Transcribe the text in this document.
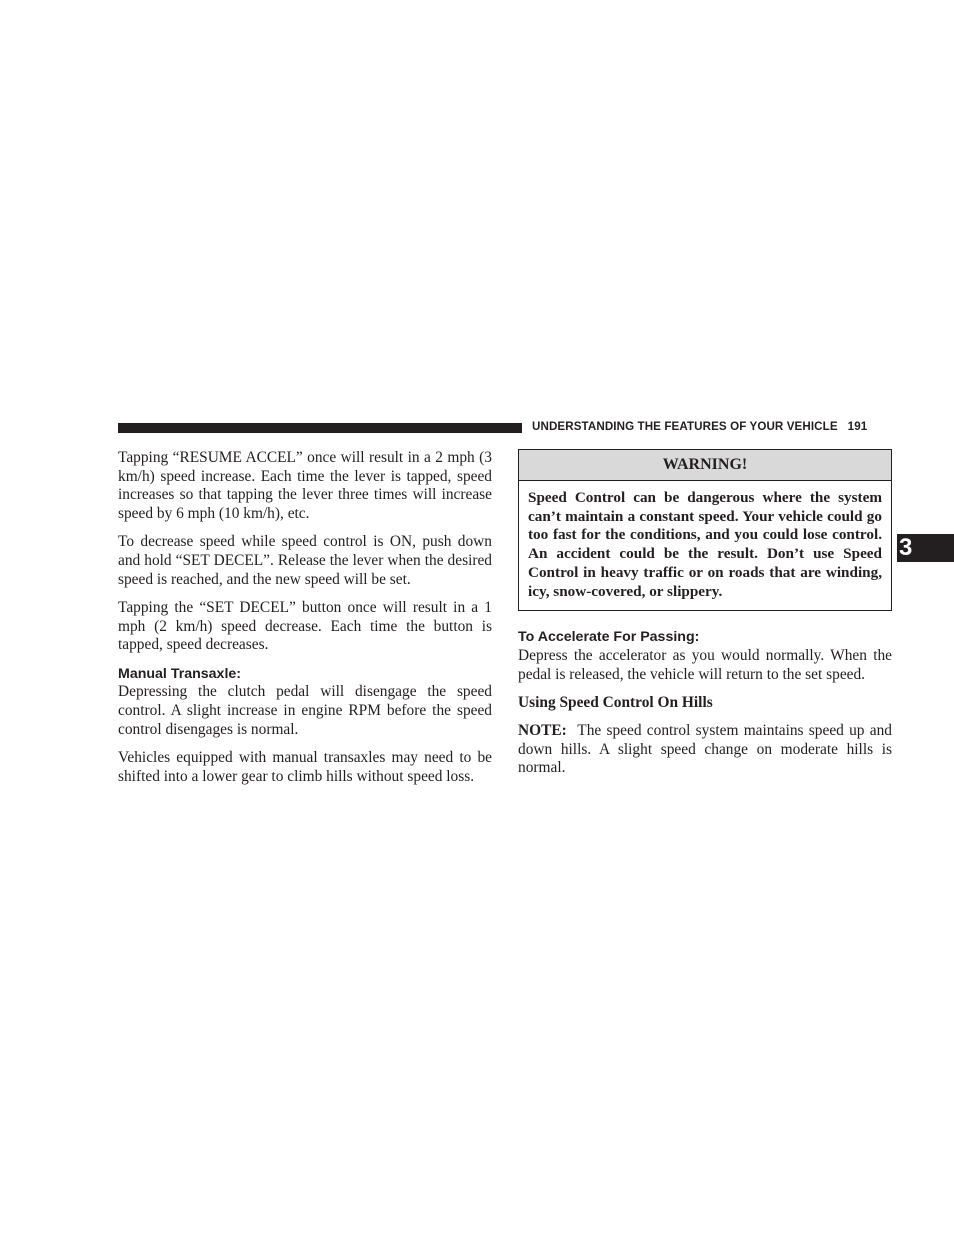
UNDERSTANDING THE FEATURES OF YOUR VEHICLE 191
3

Tapping “RESUME ACCEL” once will result in a 2 mph (3 km/h) speed increase. Each time the lever is tapped, speed increases so that tapping the lever three times will increase speed by 6 mph (10 km/h), etc.

To decrease speed while speed control is ON, push down and hold “SET DECEL”. Release the lever when the desired speed is reached, and the new speed will be set.

Tapping the “SET DECEL” button once will result in a 1 mph (2 km/h) speed decrease. Each time the button is tapped, speed decreases.

Manual Transaxle:

Depressing the clutch pedal will disengage the speed control. A slight increase in engine RPM before the speed control disengages is normal.

Vehicles equipped with manual transaxles may need to be shifted into a lower gear to climb hills without speed loss.

WARNING!
Speed Control can be dangerous where the system can’t maintain a constant speed. Your vehicle could go too fast for the conditions, and you could lose control. An accident could be the result. Don’t use Speed Control in heavy traffic or on roads that are winding, icy, snow-covered, or slippery.
To Accelerate For Passing:

Depress the accelerator as you would normally. When the pedal is released, the vehicle will return to the set speed.

Using Speed Control On Hills

NOTE: The speed control system maintains speed up and down hills. A slight speed change on moderate hills is normal.
